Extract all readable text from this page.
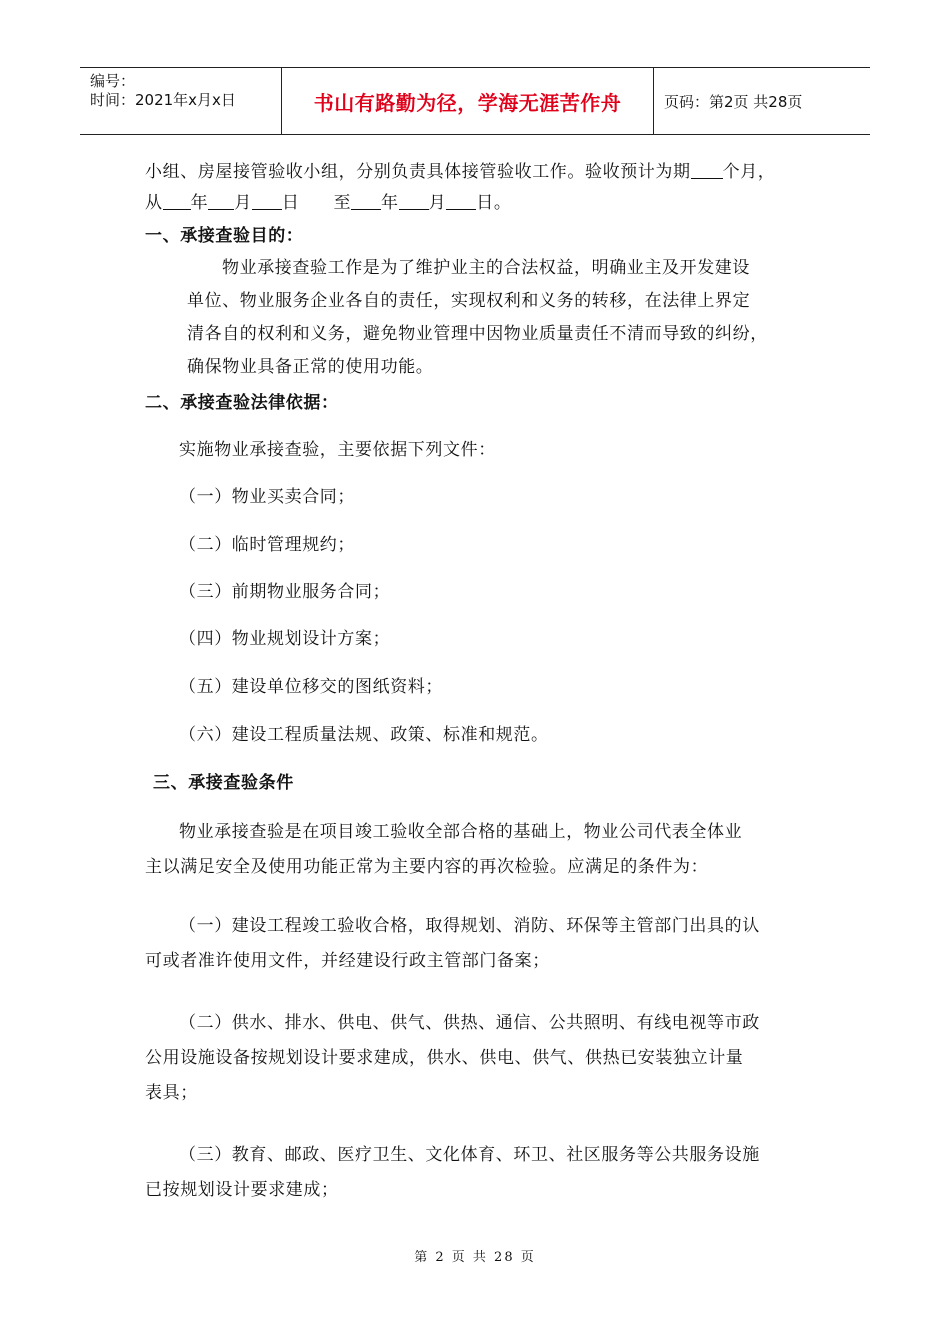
编号：
时间：2021年x月x日	书山有路勤为径，学海无涯苦作舟	页码：第2页 共28页
小组、房屋接管验收小组，分别负责具体接管验收工作。验收预计为期 个月，
从 年 月 日 至 年 月 日。
一、承接查验目的：
物业承接查验工作是为了维护业主的合法权益，明确业主及开发建设
单位、物业服务企业各自的责任，实现权利和义务的转移，在法律上界定
清各自的权利和义务，避免物业管理中因物业质量责任不清而导致的纠纷，
确保物业具备正常的使用功能。
二、承接查验法律依据：
实施物业承接查验，主要依据下列文件：
（一）物业买卖合同；
（二）临时管理规约；
（三）前期物业服务合同；
（四）物业规划设计方案；
（五）建设单位移交的图纸资料；
（六）建设工程质量法规、政策、标准和规范。
三、承接查验条件
物业承接查验是在项目竣工验收全部合格的基础上，物业公司代表全体业
主以满足安全及使用功能正常为主要内容的再次检验。应满足的条件为：
（一）建设工程竣工验收合格，取得规划、消防、环保等主管部门出具的认
可或者准许使用文件，并经建设行政主管部门备案；
（二）供水、排水、供电、供气、供热、通信、公共照明、有线电视等市政
公用设施设备按规划设计要求建成，供水、供电、供气、供热已安装独立计量
表具；
（三）教育、邮政、医疗卫生、文化体育、环卫、社区服务等公共服务设施
已按规划设计要求建成；
第 2 页 共 28 页
